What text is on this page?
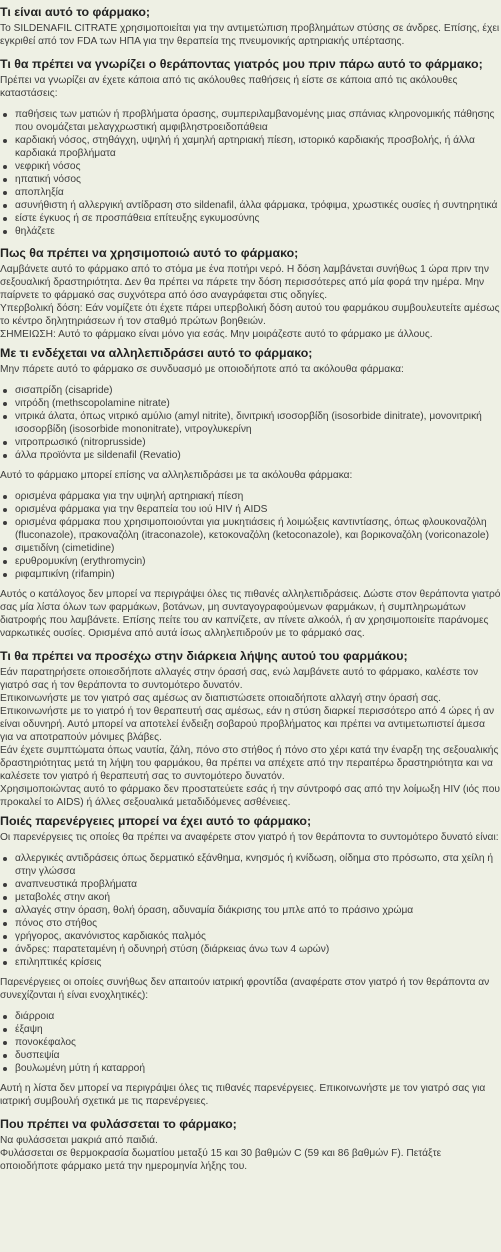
Τι είναι αυτό το φάρμακο;
Το SILDENAFIL CITRATE χρησιμοποιείται για την αντιμετώπιση προβλημάτων στύσης σε άνδρες. Επίσης, έχει εγκριθεί από τον FDA των ΗΠΑ για την θεραπεία της πνευμονικής αρτηριακής υπέρτασης.
Τι θα πρέπει να γνωρίζει ο θεράποντας γιατρός μου πριν πάρω αυτό το φάρμακο;
Πρέπει να γνωρίζει αν έχετε κάποια από τις ακόλουθες παθήσεις ή είστε σε κάποια από τις ακόλουθες καταστάσεις:
παθήσεις των ματιών ή προβλήματα όρασης, συμπεριλαμβανομένης μιας σπάνιας κληρονομικής πάθησης που ονομάζεται μελαγχρωστική αμφιβληστροειδοπάθεια
καρδιακή νόσος, στηθάγχη, υψηλή ή χαμηλή αρτηριακή πίεση, ιστορικό καρδιακής προσβολής, ή άλλα καρδιακά προβλήματα
νεφρική νόσος
ηπατική νόσος
αποπληξία
ασυνήθιστη ή αλλεργική αντίδραση στο sildenafil, άλλα φάρμακα, τρόφιμα, χρωστικές ουσίες ή συντηρητικά
είστε έγκυος ή σε προσπάθεια επίτευξης εγκυμοσύνης
θηλάζετε
Πως θα πρέπει να χρησιμοποιώ αυτό το φάρμακο;
Λαμβάνετε αυτό το φάρμακο από το στόμα με ένα ποτήρι νερό. Η δόση λαμβάνεται συνήθως 1 ώρα πριν την σεξουαλική δραστηριότητα. Δεν θα πρέπει να πάρετε την δόση περισσότερες από μία φορά την ημέρα. Μην παίρνετε το φάρμακό σας συχνότερα από όσο αναγράφεται στις οδηγίες.
Υπερβολική δόση: Εάν νομίζετε ότι έχετε πάρει υπερβολική δόση αυτού του φαρμάκου συμβουλευτείτε αμέσως το κέντρο δηλητηριάσεων ή τον σταθμό πρώτων βοηθειών.
ΣΗΜΕΙΩΣΗ: Αυτό το φάρμακο είναι μόνο για εσάς. Μην μοιράζεστε αυτό το φάρμακο με άλλους.
Με τι ενδέχεται να αλληλεπιδράσει αυτό το φάρμακο;
Μην πάρετε αυτό το φάρμακο σε συνδυασμό με οποιοδήποτε από τα ακόλουθα φάρμακα:
σισαπρίδη (cisapride)
νιτρόδη (methscopolamine nitrate)
νιτρικά άλατα, όπως νιτρικό αμύλιο (amyl nitrite), δινιτρική ισοσορβίδη (isosorbide dinitrate), μονονιτρική ισοσορβίδη (isosorbide mononitrate), νιτρογλυκερίνη
νιτροπρωσικό (nitroprusside)
άλλα προϊόντα με sildenafil (Revatio)
Αυτό το φάρμακο μπορεί επίσης να αλληλεπιδράσει με τα ακόλουθα φάρμακα:
ορισμένα φάρμακα για την υψηλή αρτηριακή πίεση
ορισμένα φάρμακα για την θεραπεία του ιού HIV ή AIDS
ορισμένα φάρμακα που χρησιμοποιούνται για μυκητιάσεις ή λοιμώξεις καντιντίασης, όπως φλουκοναζόλη (fluconazole), ιτρακοναζόλη (itraconazole), κετοκοναζόλη (ketoconazole), και βορικοναζόλη (voriconazole)
σιμετιδίνη (cimetidine)
ερυθρομυκίνη (erythromycin)
ριφαμπικίνη (rifampin)
Αυτός ο κατάλογος δεν μπορεί να περιγράψει όλες τις πιθανές αλληλεπιδράσεις. Δώστε στον θεράποντα γιατρό σας μία λίστα όλων των φαρμάκων, βοτάνων, μη συνταγογραφούμενων φαρμάκων, ή συμπληρωμάτων διατροφής που λαμβάνετε. Επίσης πείτε του αν καπνίζετε, αν πίνετε αλκοόλ, ή αν χρησιμοποιείτε παράνομες ναρκωτικές ουσίες. Ορισμένα από αυτά ίσως αλληλεπιδρούν με το φάρμακό σας.
Τι θα πρέπει να προσέχω στην διάρκεια λήψης αυτού του φαρμάκου;
Εάν παρατηρήσετε οποιεσδήποτε αλλαγές στην όρασή σας, ενώ λαμβάνετε αυτό το φάρμακο, καλέστε τον γιατρό σας ή τον θεράποντα το συντομότερο δυνατόν.
Επικοινωνήστε με τον γιατρό σας αμέσως αν διαπιστώσετε οποιαδήποτε αλλαγή στην όρασή σας.
Επικοινωνήστε με το γιατρό ή τον θεραπευτή σας αμέσως, εάν η στύση διαρκεί περισσότερο από 4 ώρες ή αν είναι οδυνηρή. Αυτό μπορεί να αποτελεί ένδειξη σοβαρού προβλήματος και πρέπει να αντιμετωπιστεί άμεσα για να αποτραπούν μόνιμες βλάβες.
Εάν έχετε συμπτώματα όπως ναυτία, ζάλη, πόνο στο στήθος ή πόνο στο χέρι κατά την έναρξη της σεξουαλικής δραστηριότητας μετά τη λήψη του φαρμάκου, θα πρέπει να απέχετε από την περαιτέρω δραστηριότητα και να καλέσετε τον γιατρό ή θεραπευτή σας το συντομότερο δυνατόν.
Χρησιμοποιώντας αυτό το φάρμακο δεν προστατεύετε εσάς ή την σύντροφό σας από την λοίμωξη HIV (ιός που προκαλεί το AIDS) ή άλλες σεξουαλικά μεταδιδόμενες ασθένειες.
Ποιές παρενέργειες μπορεί να έχει αυτό το φάρμακο;
Οι παρενέργειες τις οποίες θα πρέπει να αναφέρετε στον γιατρό ή τον θεράποντα το συντομότερο δυνατό είναι:
αλλεργικές αντιδράσεις όπως δερματικό εξάνθημα, κνησμός ή κνίδωση, οίδημα στο πρόσωπο, στα χείλη ή στην γλώσσα
αναπνευστικά προβλήματα
μεταβολές στην ακοή
αλλαγές στην όραση, θολή όραση, αδυναμία διάκρισης του μπλε από το πράσινο χρώμα
πόνος στο στήθος
γρήγορος, ακανόνιστος καρδιακός παλμός
άνδρες: παρατεταμένη ή οδυνηρή στύση (διάρκειας άνω των 4 ωρών)
επιληπτικές κρίσεις
Παρενέργειες οι οποίες συνήθως δεν απαιτούν ιατρική φροντίδα (αναφέρατε στον γιατρό ή τον θεράποντα αν συνεχίζονται ή είναι ενοχλητικές):
διάρροια
έξαψη
πονοκέφαλος
δυσπεψία
βουλωμένη μύτη ή καταρροή
Αυτή η λίστα δεν μπορεί να περιγράψει όλες τις πιθανές παρενέργειες. Επικοινωνήστε με τον γιατρό σας για ιατρική συμβουλή σχετικά με τις παρενέργειες.
Που πρέπει να φυλάσσεται το φάρμακο;
Να φυλάσσεται μακριά από παιδιά.
Φυλάσσεται σε θερμοκρασία δωματίου μεταξύ 15 και 30 βαθμών C (59 και 86 βαθμών F). Πετάξτε οποιοδήποτε φάρμακο μετά την ημερομηνία λήξης του.
